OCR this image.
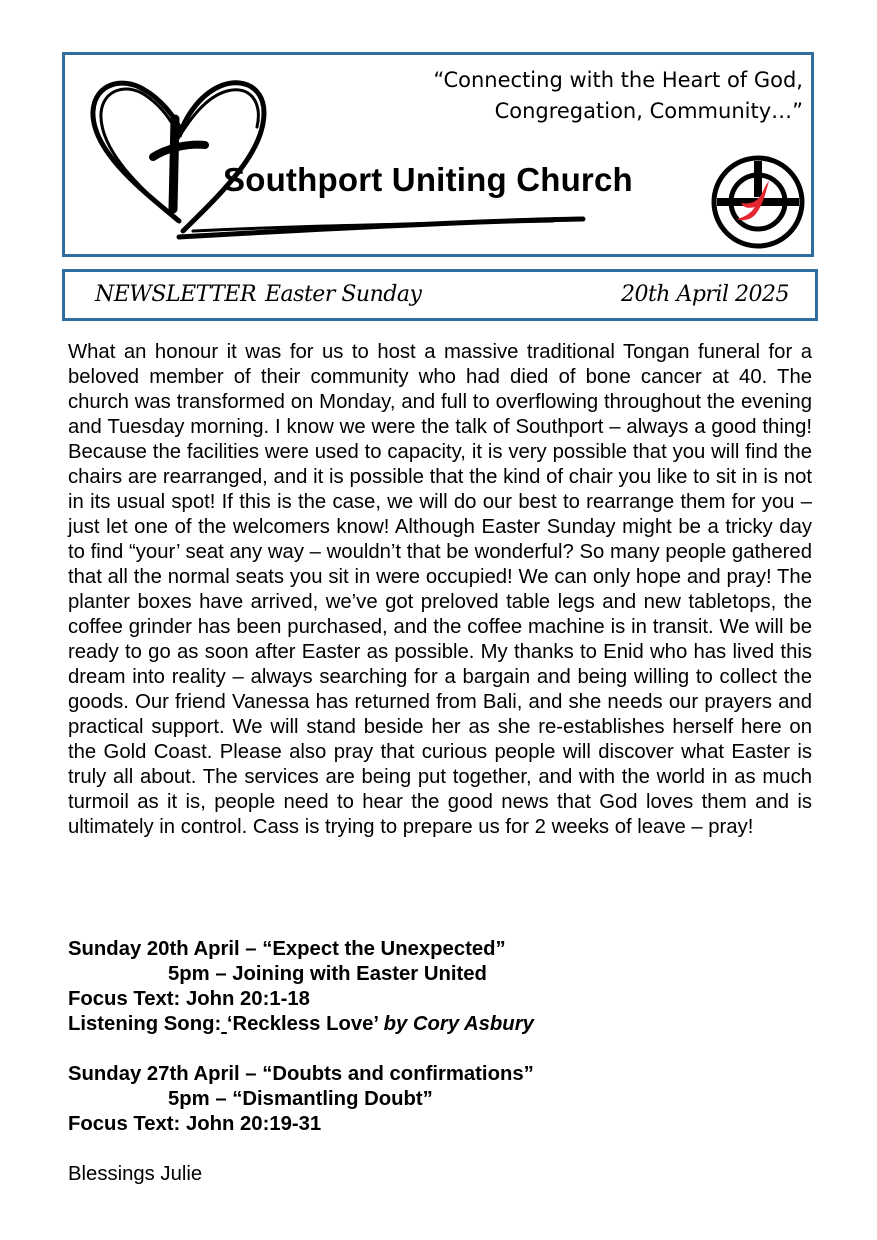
“Connecting with the Heart of God,
Congregation, Community…”
Southport Uniting Church
NEWSLETTER Easter Sunday	20th April 2025

What an honour it was for us to host a massive traditional Tongan funeral for a beloved member of their community who had died of bone cancer at 40. The church was transformed on Monday, and full to overflowing throughout the evening and Tuesday morning. I know we were the talk of Southport – always a good thing! Because the facilities were used to capacity, it is very possible that you will find the chairs are rearranged, and it is possible that the kind of chair you like to sit in is not in its usual spot! If this is the case, we will do our best to rearrange them for you – just let one of the welcomers know! Although Easter Sunday might be a tricky day to find “your’ seat any way – wouldn’t that be wonderful? So many people gathered that all the normal seats you sit in were occupied! We can only hope and pray! The planter boxes have arrived, we’ve got preloved table legs and new tabletops, the coffee grinder has been purchased, and the coffee machine is in transit. We will be ready to go as soon after Easter as possible. My thanks to Enid who has lived this dream into reality – always searching for a bargain and being willing to collect the goods. Our friend Vanessa has returned from Bali, and she needs our prayers and practical support. We will stand beside her as she re-establishes herself here on the Gold Coast. Please also pray that curious people will discover what Easter is truly all about. The services are being put together, and with the world in as much turmoil as it is, people need to hear the good news that God loves them and is ultimately in control. Cass is trying to prepare us for 2 weeks of leave – pray!

Sunday 20th April – “Expect the Unexpected”
5pm – Joining with Easter United
Focus Text: John 20:1-18
Listening Song: ‘Reckless Love’ by Cory Asbury
Sunday 27th April – “Doubts and confirmations”
5pm – “Dismantling Doubt”
Focus Text: John 20:19-31
Blessings Julie
